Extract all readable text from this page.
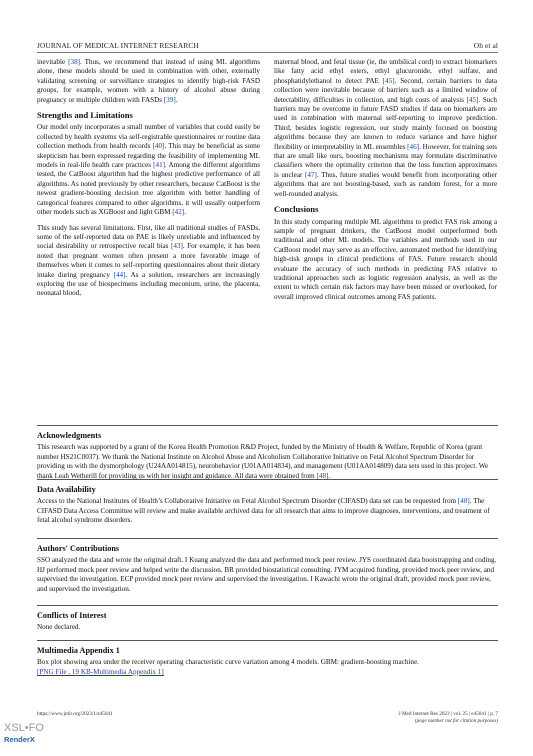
JOURNAL OF MEDICAL INTERNET RESEARCH	Oh et al

inevitable [38]. Thus, we recommend that instead of using ML algorithms alone, these models should be used in combination with other, externally validating screening or surveillance strategies to identify high-risk FASD groups, for example, women with a history of alcohol abuse during pregnancy or multiple children with FASDs [39].

Strengths and Limitations

Our model only incorporates a small number of variables that could easily be collected by health systems via self-registrable questionnaires or routine data collection methods from health records [40]. This may be beneficial as some skepticism has been expressed regarding the feasibility of implementing ML models in real-life health care practices [41]. Among the different algorithms tested, the CatBoost algorithm had the highest predictive performance of all algorithms. As noted previously by other researchers, because CatBoost is the newest gradient-boosting decision tree algorithm with better handling of categorical features compared to other algorithms, it will usually outperform other models such as XGBoost and light GBM [42].

This study has several limitations. First, like all traditional studies of FASDs, some of the self-reported data on PAE is likely unreliable and influenced by social desirability or retrospective recall bias [43]. For example, it has been noted that pregnant women often present a more favorable image of themselves when it comes to self-reporting questionnaires about their dietary intake during pregnancy [44]. As a solution, researchers are increasingly exploring the use of biospecimens including meconium, urine, the placenta, neonatal blood,

maternal blood, and fetal tissue (ie, the umbilical cord) to extract biomarkers like fatty acid ethyl esters, ethyl glucuronide, ethyl sulfate, and phosphatidylethanol to detect PAE [45]. Second, certain barriers to data collection were inevitable because of barriers such as a limited window of detectability, difficulties in collection, and high costs of analysis [45]. Such barriers may be overcome in future FASD studies if data on biomarkers are used in combination with maternal self-reporting to improve prediction. Third, besides logistic regression, our study mainly focused on boosting algorithms because they are known to reduce variance and have higher flexibility or interpretability in ML ensembles [46]. However, for training sets that are small like ours, boosting mechanisms may formulate discriminative classifiers where the optimality criterion that the loss function approximates is unclear [47]. Thus, future studies would benefit from incorporating other algorithms that are not boosting-based, such as random forest, for a more well-rounded analysis.

Conclusions

In this study comparing multiple ML algorithms to predict FAS risk among a sample of pregnant drinkers, the CatBoost model outperformed both traditional and other ML models. The variables and methods used in our CatBoost model may serve as an effective, automated method for identifying high-risk groups in clinical predictions of FAS. Future research should evaluate the accuracy of such methods in predicting FAS relative to traditional approaches such as logistic regression analysis, as well as the extent to which certain risk factors may have been missed or overlooked, for overall improved clinical outcomes among FAS patients.

Acknowledgments

This research was supported by a grant of the Korea Health Promotion R&D Project, funded by the Ministry of Health & Welfare, Republic of Korea (grant number HS21C0037). We thank the National Institute on Alcohol Abuse and Alcoholism Collaborative Initiative on Fetal Alcohol Spectrum Disorder for providing us with the dysmorphology (U24AA014815), neurobehavior (U01AA014834), and management (U01AA014809) data sets used in this project. We thank Leah Wetherill for providing us with her insight and guidance. All data were obtained from [48].

Data Availability

Access to the National Institutes of Health’s Collaborative Initiative on Fetal Alcohol Spectrum Disorder (CIFASD) data set can be requested from [48]. The CIFASD Data Access Committee will review and make available archived data for all research that aims to improve diagnoses, interventions, and treatment of fetal alcohol syndrome disorders.

Authors' Contributions

SSO analyzed the data and wrote the original draft. I Kuang analyzed the data and performed mock peer review. JYS coordinated data bootstrapping and coding. HJ performed mock peer review and helped write the discussion. BR provided biostatistical consulting. JYM acquired funding, provided mock peer review, and supervised the investigation. ECP provided mock peer review and supervised the investigation. I Kawachi wrote the original draft, provided mock peer review, and supervised the investigation.

Conflicts of Interest

None declared.

Multimedia Appendix 1

Box plot showing area under the receiver operating characteristic curve variation among 4 models. GBM: gradient-boosting machine.

[PNG File , 19 KB-Multimedia Appendix 1]

https://www.jmir.org/2023/1/e45041	J Med Internet Res 2023 | vol. 25 | e45041 | p. 7
(page number not for citation purposes)
XSL•FO
RenderX
